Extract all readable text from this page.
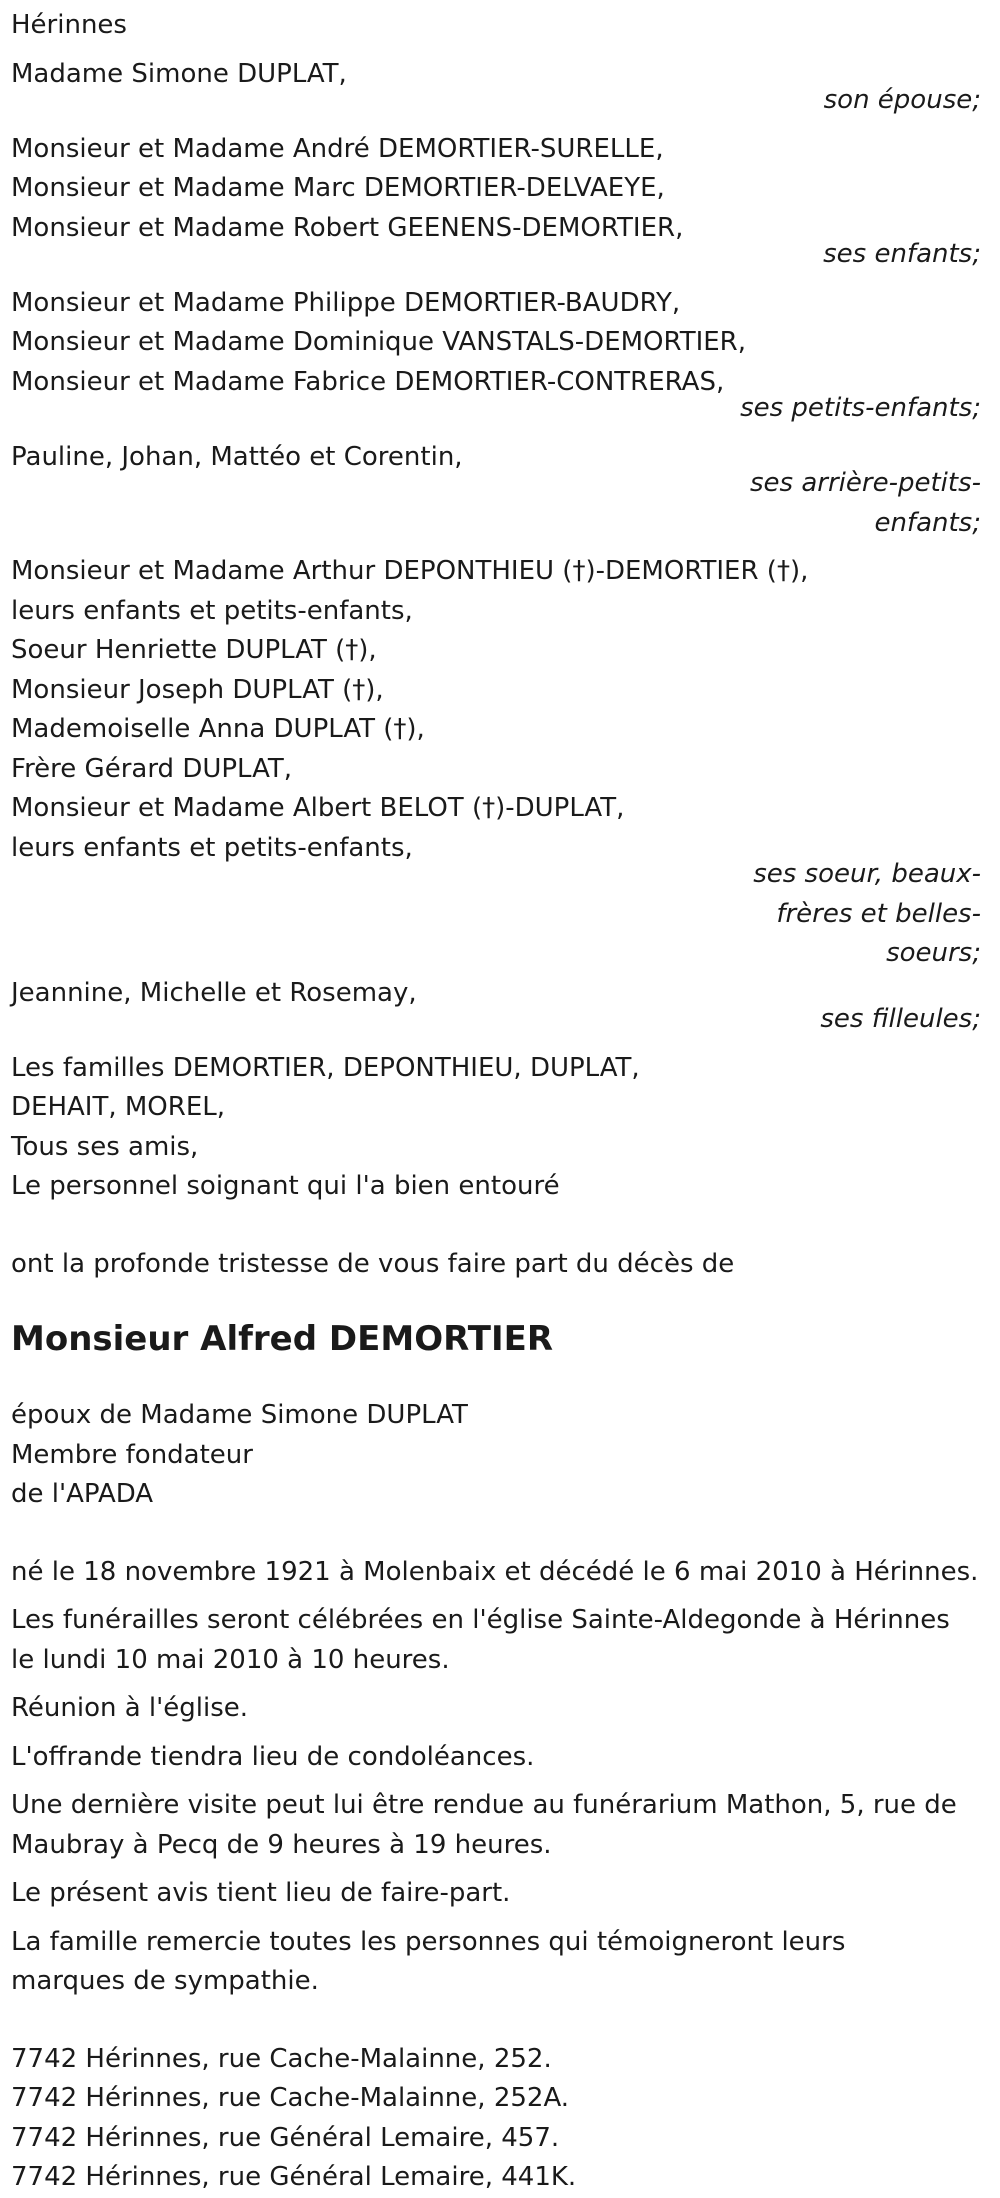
Hérinnes
Madame Simone DUPLAT,
son épouse;
Monsieur et Madame André DEMORTIER-SURELLE,
Monsieur et Madame Marc DEMORTIER-DELVAEYE,
Monsieur et Madame Robert GEENENS-DEMORTIER,
ses enfants;
Monsieur et Madame Philippe DEMORTIER-BAUDRY,
Monsieur et Madame Dominique VANSTALS-DEMORTIER,
Monsieur et Madame Fabrice DEMORTIER-CONTRERAS,
ses petits-enfants;
Pauline, Johan, Mattéo et Corentin,
ses arrière-petits-
enfants;
Monsieur et Madame Arthur DEPONTHIEU (†)-DEMORTIER (†),
leurs enfants et petits-enfants,
Soeur Henriette DUPLAT (†),
Monsieur Joseph DUPLAT (†),
Mademoiselle Anna DUPLAT (†),
Frère Gérard DUPLAT,
Monsieur et Madame Albert BELOT (†)-DUPLAT,
leurs enfants et petits-enfants,
ses soeur, beaux-
frères et belles-
soeurs;
Jeannine, Michelle et Rosemay,
ses filleules;
Les familles DEMORTIER, DEPONTHIEU, DUPLAT,
DEHAIT, MOREL,
Tous ses amis,
Le personnel soignant qui l'a bien entouré
ont la profonde tristesse de vous faire part du décès de
Monsieur Alfred DEMORTIER
époux de Madame Simone DUPLAT
Membre fondateur
de l'APADA
né le 18 novembre 1921 à Molenbaix et décédé le 6 mai 2010 à Hérinnes.
Les funérailles seront célébrées en l'église Sainte-Aldegonde à Hérinnes
le lundi 10 mai 2010 à 10 heures.
Réunion à l'église.
L'offrande tiendra lieu de condoléances.
Une dernière visite peut lui être rendue au funérarium Mathon, 5, rue de
Maubray à Pecq de 9 heures à 19 heures.
Le présent avis tient lieu de faire-part.
La famille remercie toutes les personnes qui témoigneront leurs
marques de sympathie.
7742 Hérinnes, rue Cache-Malainne, 252.
7742 Hérinnes, rue Cache-Malainne, 252A.
7742 Hérinnes, rue Général Lemaire, 457.
7742 Hérinnes, rue Général Lemaire, 441K.
